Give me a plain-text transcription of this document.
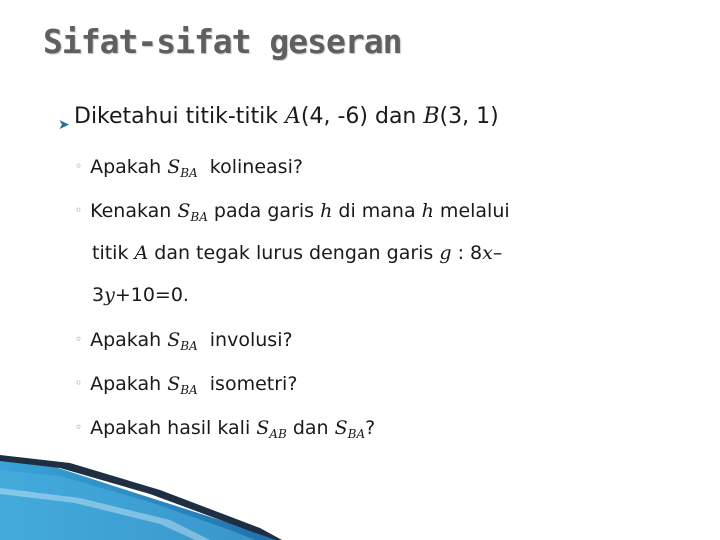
Sifat-sifat geseran
➤ Diketahui titik-titik A(4, -6) dan B(3, 1)
◦ Apakah $S_{BA}$  kolineasi?
◦ Kenakan $S_{BA}$ pada garis h di mana h melalui
titik A dan tegak lurus dengan garis g : 8x–
3y+10=0.
◦ Apakah $S_{BA}$  involusi?
◦ Apakah $S_{BA}$  isometri?
◦ Apakah hasil kali $S_{AB}$ dan $S_{BA}$?
